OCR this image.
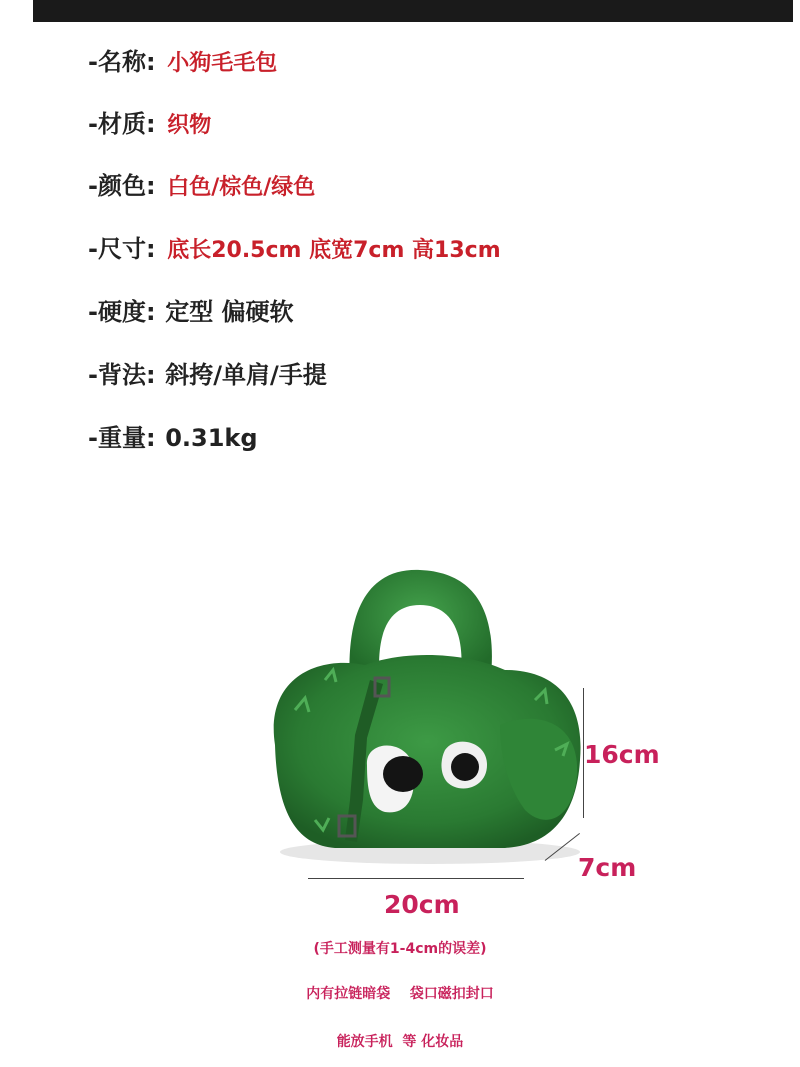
-名称: 小狗毛毛包
-材质: 织物
-颜色: 白色/棕色/绿色
-尺寸: 底长20.5cm 底宽7cm 高13cm
-硬度: 定型 偏硬软
-背法: 斜挎/单肩/手提
-重量: 0.31kg
16cm
7cm
20cm
(手工测量有1-4cm的误差)
内有拉链暗袋    袋口磁扣封口
能放手机  等 化妆品
